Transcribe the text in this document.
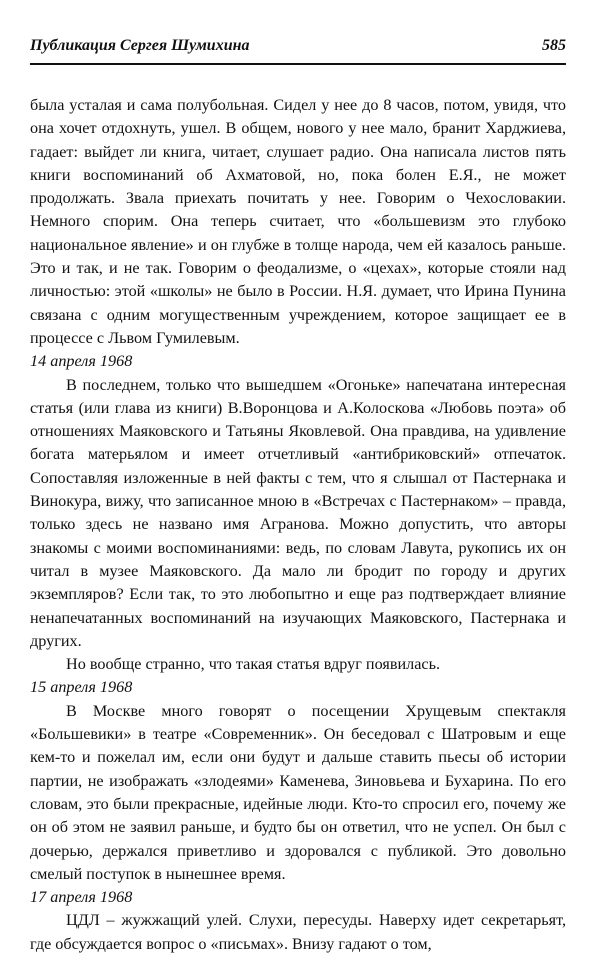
Публикация Сергея Шумихина	585

была усталая и сама полубольная. Сидел у нее до 8 часов, потом, увидя, что она хочет отдохнуть, ушел. В общем, нового у нее мало, бранит Харджиева, гадает: выйдет ли книга, читает, слушает радио. Она написала листов пять книги воспоминаний об Ахматовой, но, пока болен Е.Я., не может продолжать. Звала приехать почитать у нее. Говорим о Чехословакии. Немного спорим. Она теперь считает, что «большевизм это глубоко национальное явление» и он глубже в толще народа, чем ей казалось раньше. Это и так, и не так. Говорим о феодализме, о «цехах», которые стояли над личностью: этой «школы» не было в России. Н.Я. думает, что Ирина Пунина связана с одним могущественным учреждением, которое защищает ее в процессе с Львом Гумилевым.

14 апреля 1968

В последнем, только что вышедшем «Огоньке» напечатана интересная статья (или глава из книги) В.Воронцова и А.Колоскова «Любовь поэта» об отношениях Маяковского и Татьяны Яковлевой. Она правдива, на удивление богата матерьялом и имеет отчетливый «антибриковский» отпечаток. Сопоставляя изложенные в ней факты с тем, что я слышал от Пастернака и Винокура, вижу, что записанное мною в «Встречах с Пастернаком» – правда, только здесь не названо имя Агранова. Можно допустить, что авторы знакомы с моими воспоминаниями: ведь, по словам Лавута, рукопись их он читал в музее Маяковского. Да мало ли бродит по городу и других экземпляров? Если так, то это любопытно и еще раз подтверждает влияние ненапечатанных воспоминаний на изучающих Маяковского, Пастернака и других.

Но вообще странно, что такая статья вдруг появилась.

15 апреля 1968

В Москве много говорят о посещении Хрущевым спектакля «Большевики» в театре «Современник». Он беседовал с Шатровым и еще кем-то и пожелал им, если они будут и дальше ставить пьесы об истории партии, не изображать «злодеями» Каменева, Зиновьева и Бухарина. По его словам, это были прекрасные, идейные люди. Кто-то спросил его, почему же он об этом не заявил раньше, и будто бы он ответил, что не успел. Он был с дочерью, держался приветливо и здоровался с публикой. Это довольно смелый поступок в нынешнее время.

17 апреля 1968

ЦДЛ – жужжащий улей. Слухи, пересуды. Наверху идет секретарьят, где обсуждается вопрос о «письмах». Внизу гадают о том,
